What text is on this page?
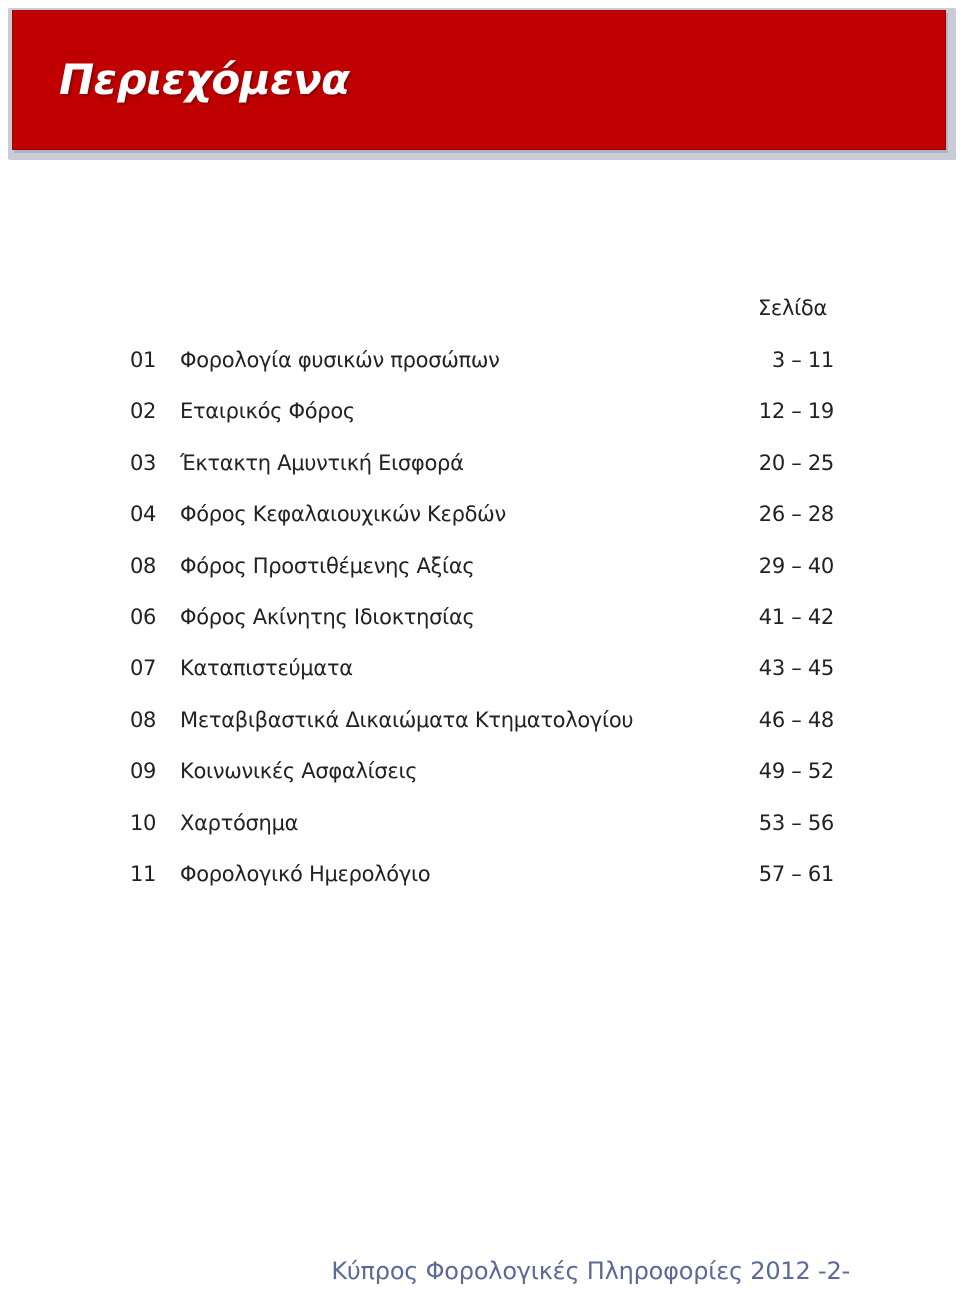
Περιεχόμενα
Σελίδα
01 Φορολογία φυσικών προσώπων	3 – 11
02 Εταιρικός Φόρος	12 – 19
03 Έκτακτη Αμυντική Εισφορά	20 – 25
04 Φόρος Κεφαλαιουχικών Κερδών	26 – 28
08 Φόρος Προστιθέμενης Αξίας	29 – 40
06 Φόρος Ακίνητης Ιδιοκτησίας	41 – 42
07 Καταπιστεύματα	43 – 45
08 Μεταβιβαστικά Δικαιώματα Κτηματολογίου	46 – 48
09 Κοινωνικές Ασφαλίσεις	49 – 52
10 Χαρτόσημα	53 – 56
11 Φορολογικό Ημερολόγιο	57 – 61
Κύπρος Φορολογικές Πληροφορίες 2012 -2-
